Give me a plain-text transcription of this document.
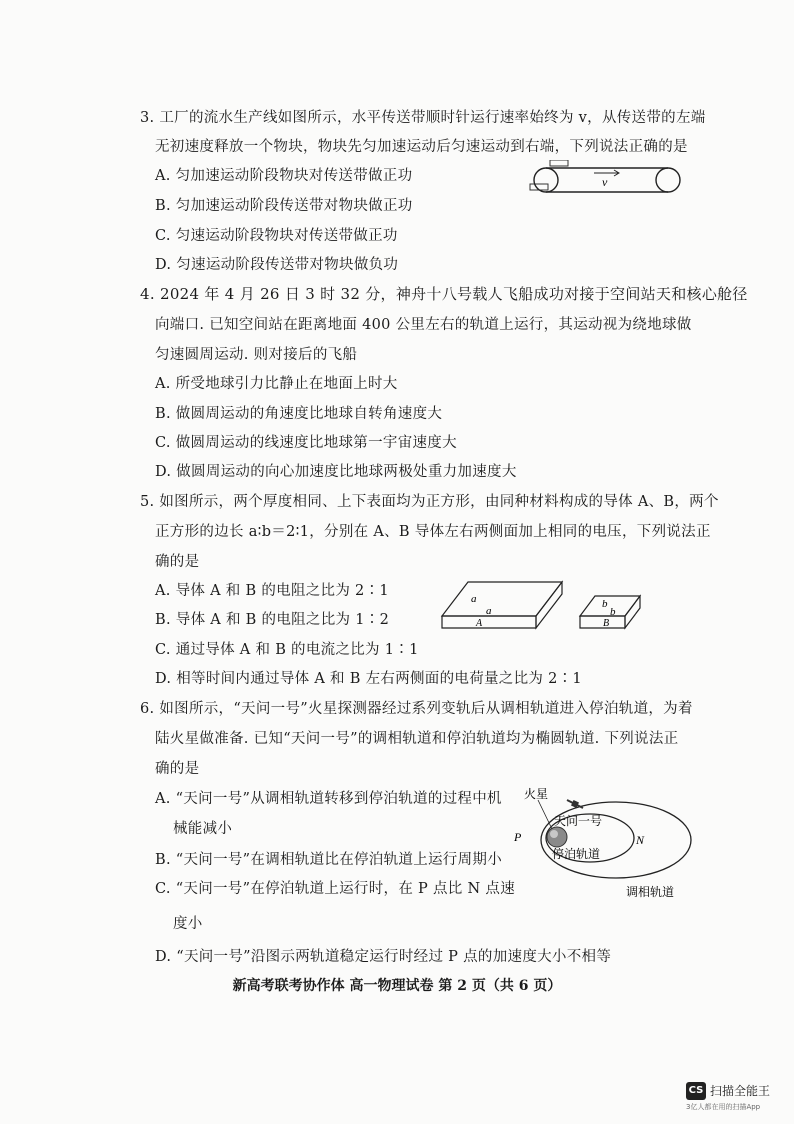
3. 工厂的流水生产线如图所示，水平传送带顺时针运行速率始终为 v，从传送带的左端
无初速度释放一个物块，物块先匀加速运动后匀速运动到右端，下列说法正确的是
A. 匀加速运动阶段物块对传送带做正功
B. 匀加速运动阶段传送带对物块做正功
C. 匀速运动阶段物块对传送带做正功
D. 匀速运动阶段传送带对物块做负功
v
4. 2024 年 4 月 26 日 3 时 32 分，神舟十八号载人飞船成功对接于空间站天和核心舱径
向端口. 已知空间站在距离地面 400 公里左右的轨道上运行，其运动视为绕地球做
匀速圆周运动. 则对接后的飞船
A. 所受地球引力比静止在地面上时大
B. 做圆周运动的角速度比地球自转角速度大
C. 做圆周运动的线速度比地球第一宇宙速度大
D. 做圆周运动的向心加速度比地球两极处重力加速度大
5. 如图所示，两个厚度相同、上下表面均为正方形，由同种材料构成的导体 A、B，两个
正方形的边长 a∶b＝2∶1，分别在 A、B 导体左右两侧面加上相同的电压，下列说法正
确的是
A. 导体 A 和 B 的电阻之比为 2∶1
B. 导体 A 和 B 的电阻之比为 1∶2
C. 通过导体 A 和 B 的电流之比为 1∶1
D. 相等时间内通过导体 A 和 B 左右两侧面的电荷量之比为 2∶1
a
a
A
b
b
B
6. 如图所示，“天问一号”火星探测器经过系列变轨后从调相轨道进入停泊轨道，为着
陆火星做准备. 已知“天问一号”的调相轨道和停泊轨道均为椭圆轨道. 下列说法正
确的是
A. “天问一号”从调相轨道转移到停泊轨道的过程中机
械能减小
B. “天问一号”在调相轨道比在停泊轨道上运行周期小
C. “天问一号”在停泊轨道上运行时，在 P 点比 N 点速
度小
D. “天问一号”沿图示两轨道稳定运行时经过 P 点的加速度大小不相等
火星
天问一号
P	N
停泊轨道
调相轨道
新高考联考协作体 高一物理试卷 第 2 页（共 6 页）
CS 扫描全能王
3亿人都在用的扫描App
